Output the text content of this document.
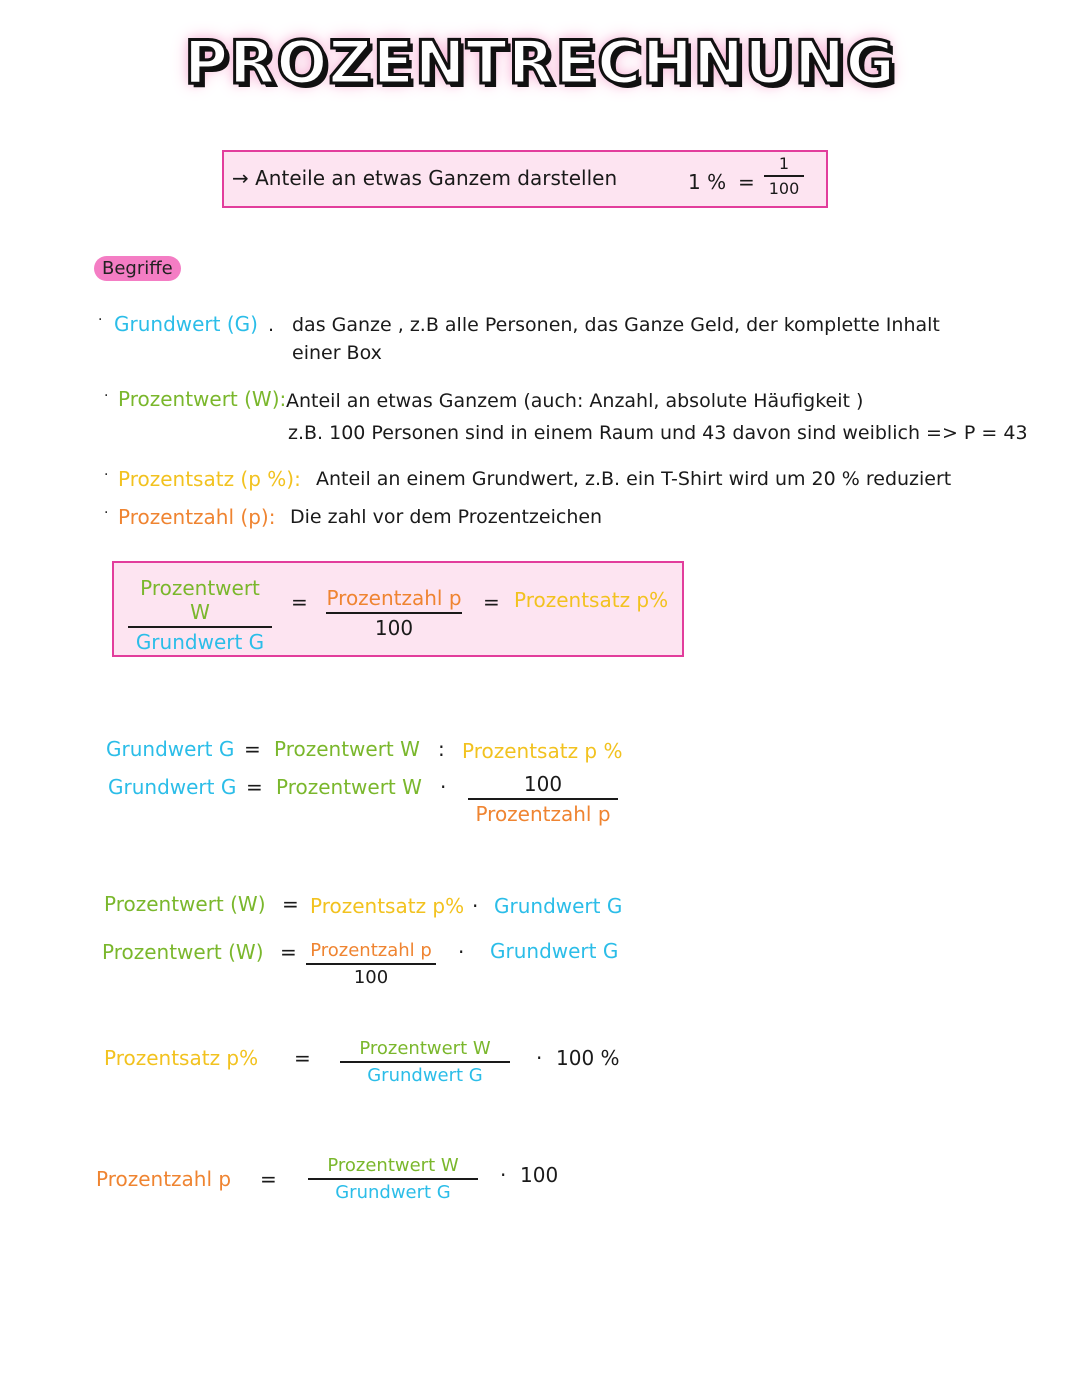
PROZENTRECHNUNG
→ Anteile an etwas Ganzem darstellen	1 % =
1
100
Begriffe
· Grundwert (G) . das Ganze , z.B alle Personen, das Ganze Geld, der komplette Inhalt
einer Box
· Prozentwert (W): Anteil an etwas Ganzem (auch: Anzahl, absolute Häufigkeit )
z.B. 100 Personen sind in einem Raum und 43 davon sind weiblich => P = 43
· Prozentsatz (p %): Anteil an einem Grundwert, z.B. ein T-Shirt wird um 20 % reduziert
· Prozentzahl (p): Die zahl vor dem Prozentzeichen
Prozentwert W
Grundwert G
= Prozentzahl p
100
= Prozentsatz p%
Grundwert G = Prozentwert W : Prozentsatz p %
Grundwert G = Prozentwert W ·	100
Prozentzahl p
Prozentwert (W) = Prozentsatz p% · Grundwert G
Prozentwert (W) = Prozentzahl p
100
· Grundwert G
Prozentsatz p% =	Prozentwert W
Grundwert G
· 100 %
Prozentzahl p =
Prozentwert W
Grundwert G
· 100
